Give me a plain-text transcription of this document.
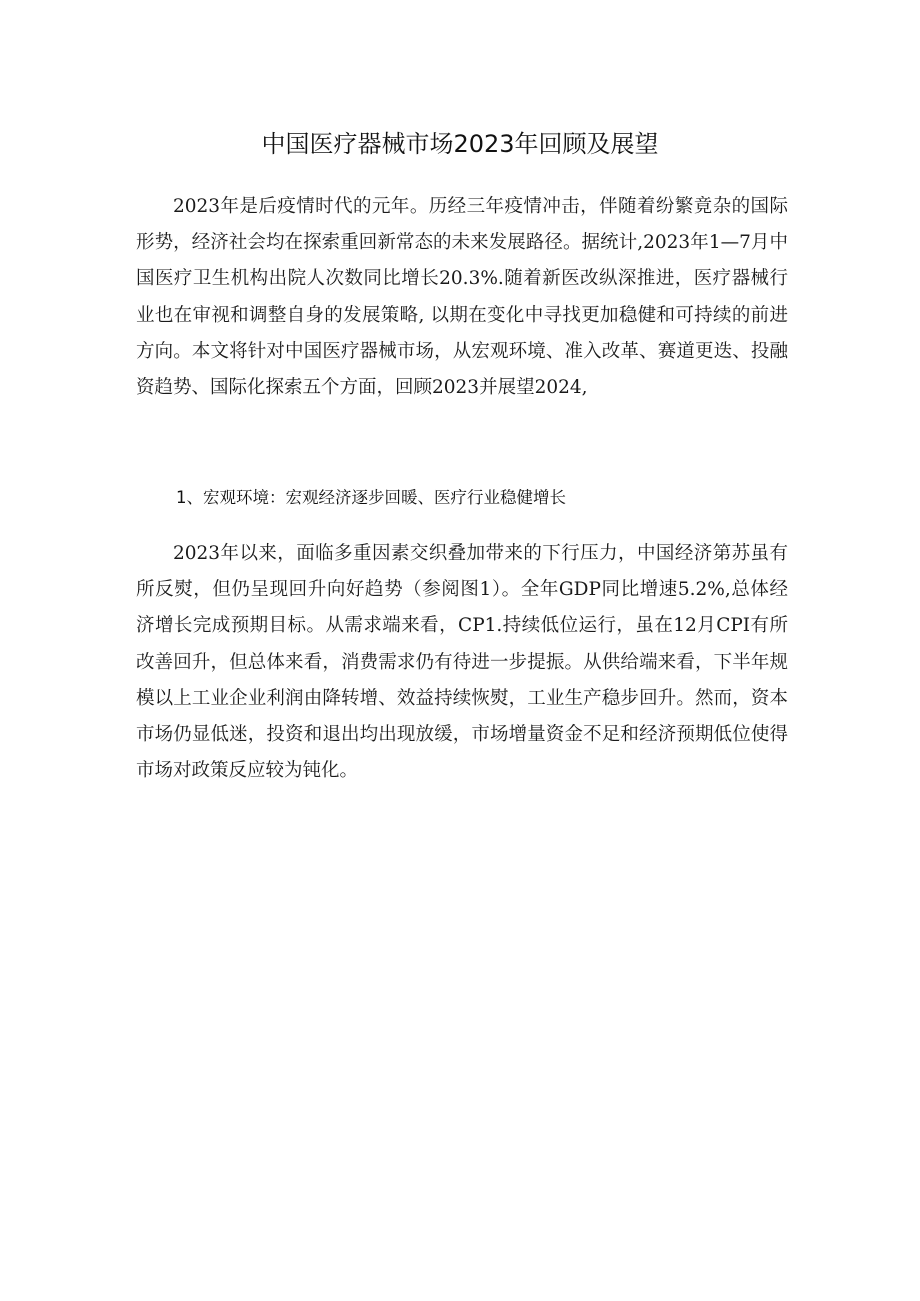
中国医疗器械市场2023年回顾及展望

2023年是后疫情时代的元年。历经三年疫情冲击，伴随着纷繁竟杂的国际形势，经济社会均在探索重回新常态的未来发展路径。据统计,2023年1—7月中国医疗卫生机构出院人次数同比增长20.3%.随着新医改纵深推进，医疗器械行业也在审视和调整自身的发展策略, 以期在变化中寻找更加稳健和可持续的前进方向。本文将针对中国医疗器械市场，从宏观环境、准入改革、赛道更迭、投融资趋势、国际化探索五个方面，回顾2023并展望2024,

1、宏观环境：宏观经济逐步回暖、医疗行业稳健增长

2023年以来，面临多重因素交织叠加带来的下行压力，中国经济第苏虽有所反熨，但仍呈现回升向好趋势（参阅图1）。全年GDP同比增速5.2%,总体经济增长完成预期目标。从需求端来看，CP1.持续低位运行，虽在12月CPI有所改善回升，但总体来看，消费需求仍有待进一步提振。从供给端来看，下半年规模以上工业企业利润由降转增、效益持续恢熨，工业生产稳步回升。然而，资本市场仍显低迷，投资和退出均出现放缓，市场增量资金不足和经济预期低位使得市场对政策反应较为钝化。
